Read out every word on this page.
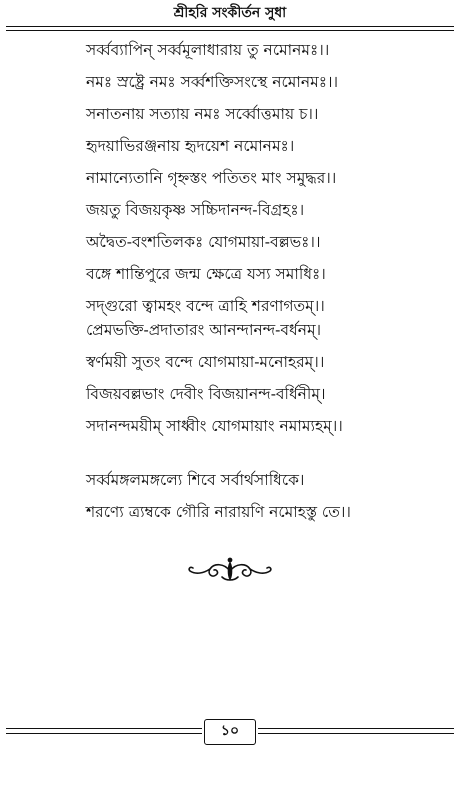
শ্রীহরি সংকীর্তন সুধা
সর্ব্বব্যাপিন্‌ সর্ব্বমূলাধারায় তু নমোনমঃ।।
নমঃ স্রষ্ট্রে নমঃ সর্ব্বশক্তিসংস্থে নমোনমঃ।।
সনাতনায় সত্যায় নমঃ সর্ব্বোত্তমায় চ।।
হৃদয়াভিরঞ্জনায় হৃদয়েশ নমোনমঃ।
নামান্যেতানি গৃহ্নস্তং পতিতং মাং সমুদ্ধর।।
জয়তু বিজয়কৃষ্ণ সচ্চিদানন্দ-বিগ্রহঃ।
অদ্বৈত-বংশতিলকঃ যোগমায়া-বল্লভঃ।।
বঙ্গে শান্তিপুরে জন্ম ক্ষেত্রে যস্য সমাধিঃ।
সদ্গুরো ত্বামহং বন্দে ত্রাহি শরণাগতম্‌।।
প্রেমভক্তি-প্রদাতারং আনন্দানন্দ-বর্ধনম্‌।
স্বর্ণময়ী সুতং বন্দে যোগমায়া-মনোহরম্‌।।
বিজয়বল্লভাং দেবীং বিজয়ানন্দ-বর্ধিনীম্‌।
সদানন্দময়ীম্‌ সাধ্বীং যোগমায়াং নমাম্যহম্‌।।
সর্ব্বমঙ্গলমঙ্গল্যে শিবে সর্বার্থসাধিকে।
শরণ্যে ত্র্যম্বকে গৌরি নারায়ণি নমোহস্তু তে।।
১০
